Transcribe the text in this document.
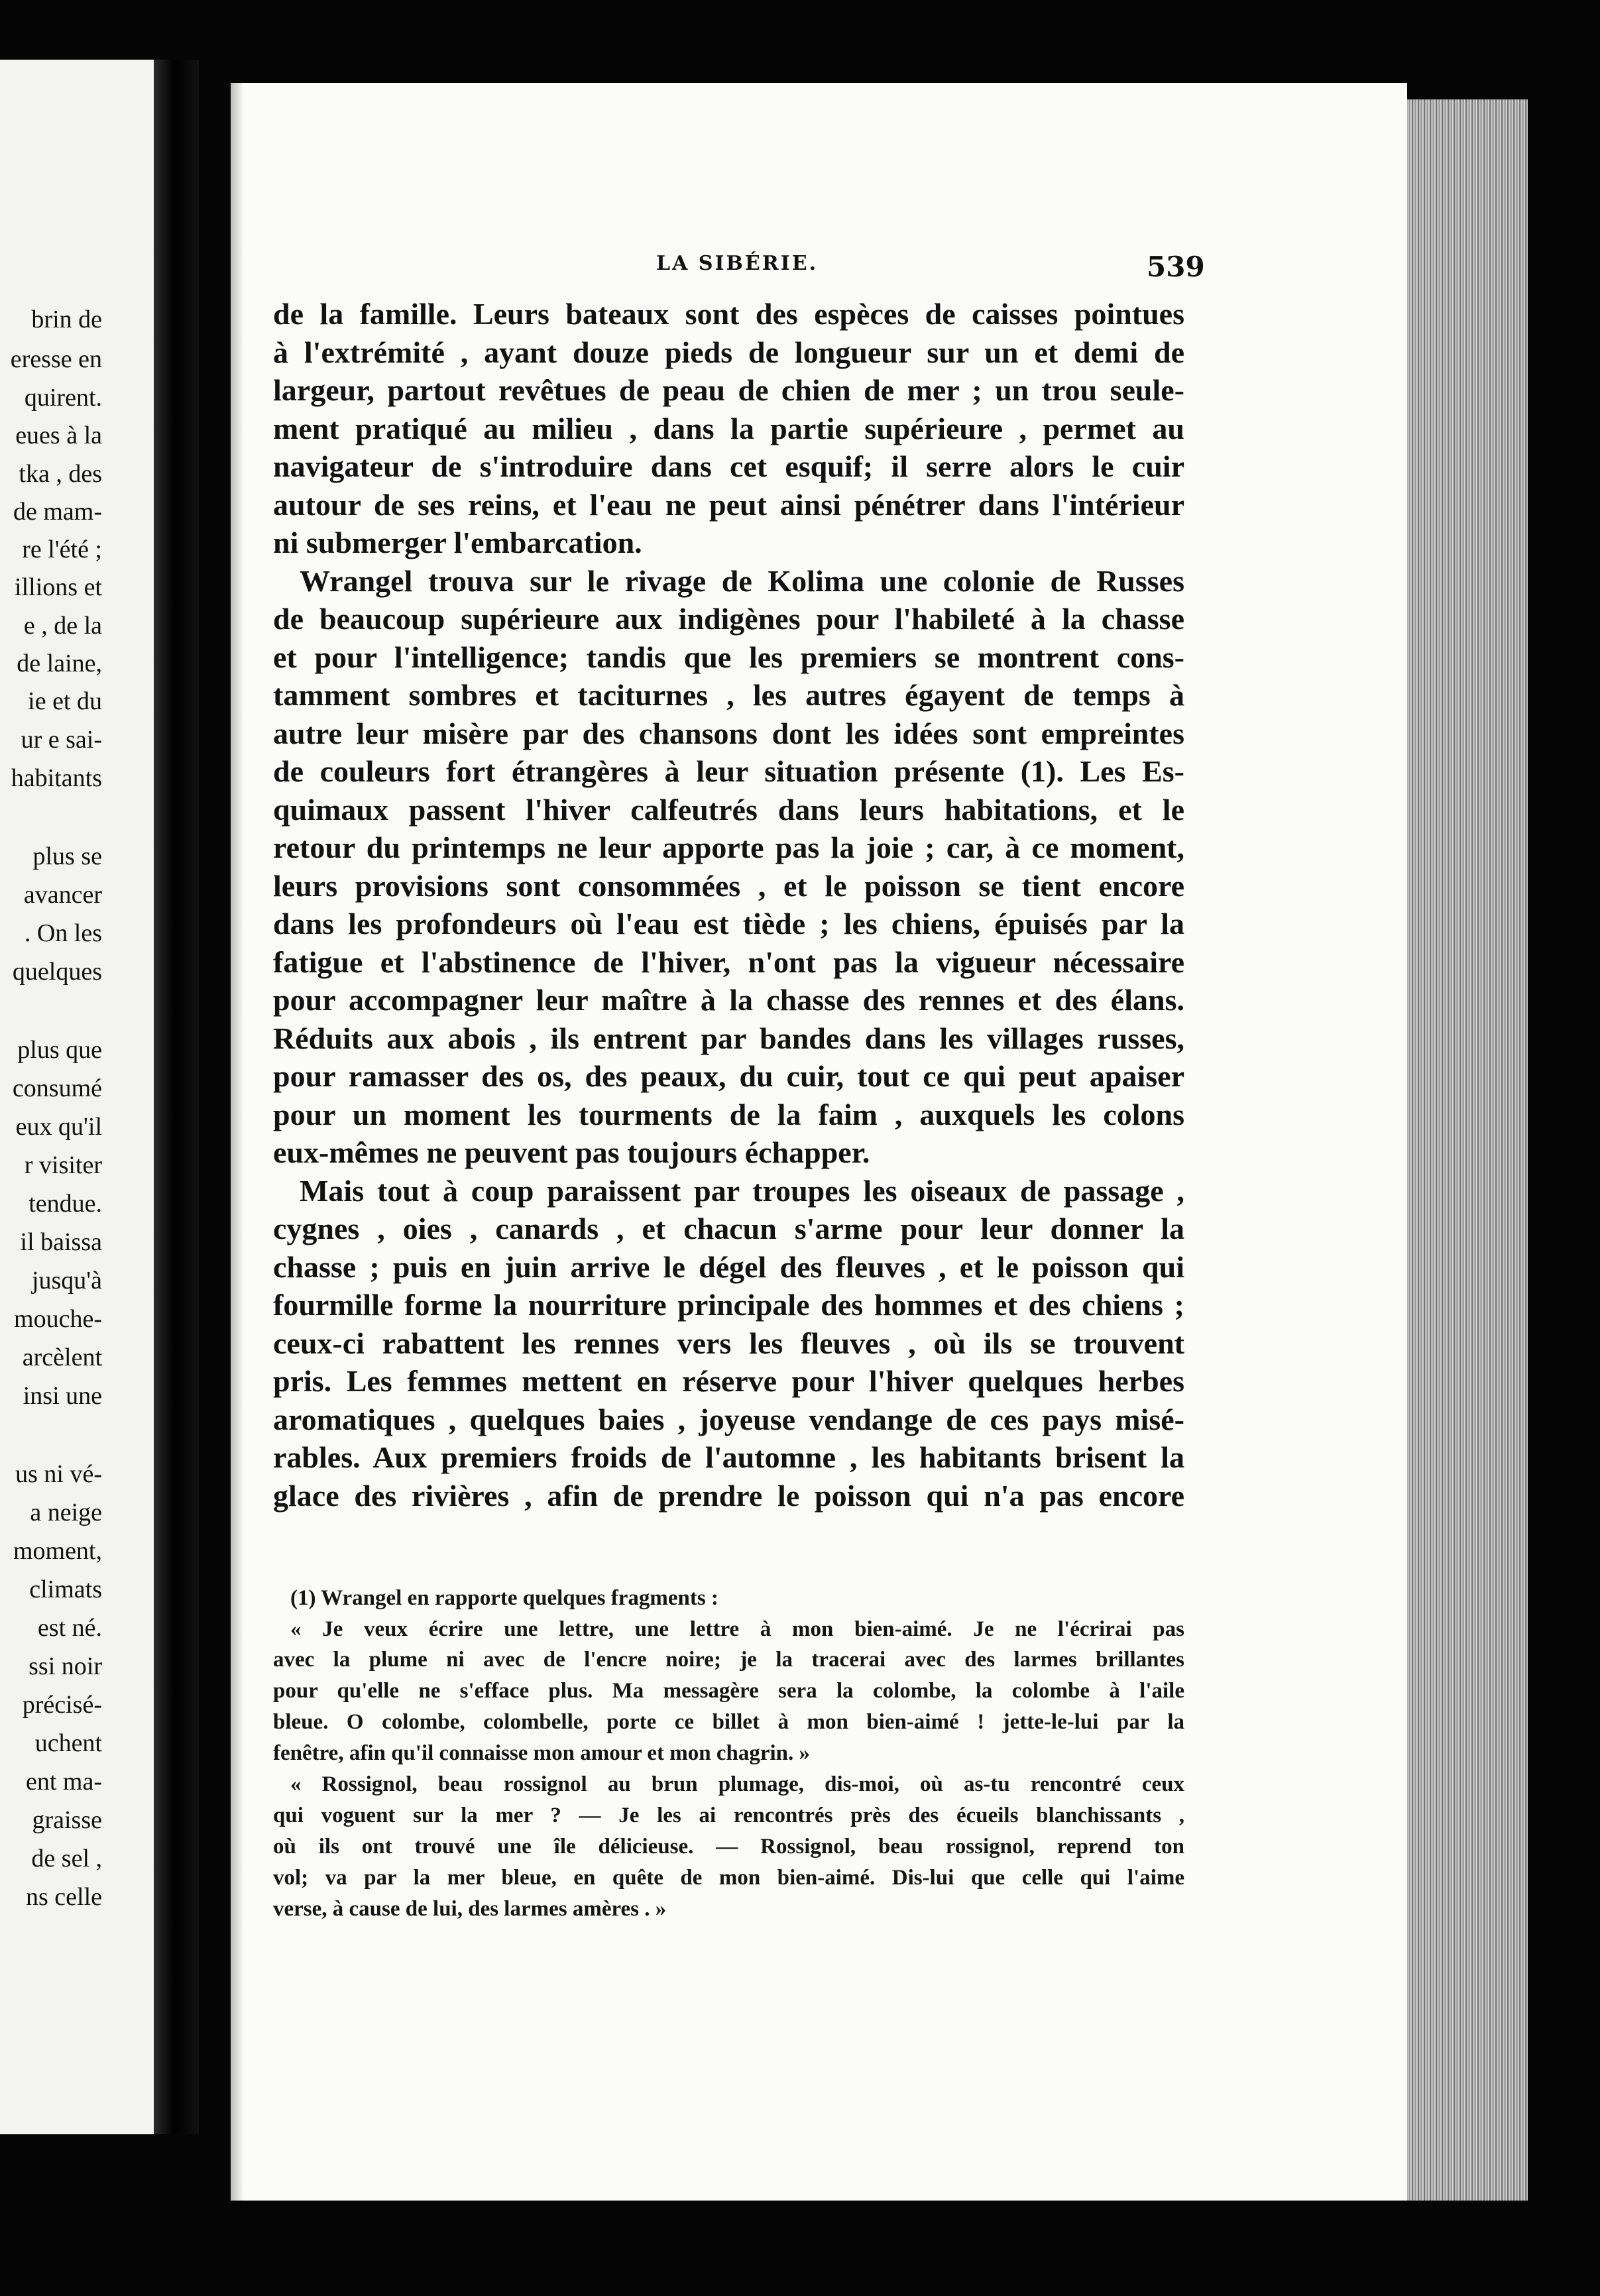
brin de
eresse en
quirent.
eues à la
tka , des
de mam-
re l'été ;
illions et
e , de la
de laine,
ie et du
ur e sai-
habitants
plus se
avancer
. On les
quelques
plus que
consumé
eux qu'il
r visiter
tendue.
il baissa
jusqu'à
mouche-
arcèlent
insi une
us ni vé-
a neige
moment,
climats
est né.
ssi noir
précisé-
uchent
ent ma-
graisse
de sel ,
ns celle
LA SIBÉRIE.	539
de la famille. Leurs bateaux sont des espèces de caisses pointues
à l'extrémité , ayant douze pieds de longueur sur un et demi de
largeur, partout revêtues de peau de chien de mer ; un trou seule-
ment pratiqué au milieu , dans la partie supérieure , permet au
navigateur de s'introduire dans cet esquif; il serre alors le cuir
autour de ses reins, et l'eau ne peut ainsi pénétrer dans l'intérieur
ni submerger l'embarcation.
Wrangel trouva sur le rivage de Kolima une colonie de Russes
de beaucoup supérieure aux indigènes pour l'habileté à la chasse
et pour l'intelligence; tandis que les premiers se montrent cons-
tamment sombres et taciturnes , les autres égayent de temps à
autre leur misère par des chansons dont les idées sont empreintes
de couleurs fort étrangères à leur situation présente (1). Les Es-
quimaux passent l'hiver calfeutrés dans leurs habitations, et le
retour du printemps ne leur apporte pas la joie ; car, à ce moment,
leurs provisions sont consommées , et le poisson se tient encore
dans les profondeurs où l'eau est tiède ; les chiens, épuisés par la
fatigue et l'abstinence de l'hiver, n'ont pas la vigueur nécessaire
pour accompagner leur maître à la chasse des rennes et des élans.
Réduits aux abois , ils entrent par bandes dans les villages russes,
pour ramasser des os, des peaux, du cuir, tout ce qui peut apaiser
pour un moment les tourments de la faim , auxquels les colons
eux-mêmes ne peuvent pas toujours échapper.
Mais tout à coup paraissent par troupes les oiseaux de passage ,
cygnes , oies , canards , et chacun s'arme pour leur donner la
chasse ; puis en juin arrive le dégel des fleuves , et le poisson qui
fourmille forme la nourriture principale des hommes et des chiens ;
ceux-ci rabattent les rennes vers les fleuves , où ils se trouvent
pris. Les femmes mettent en réserve pour l'hiver quelques herbes
aromatiques , quelques baies , joyeuse vendange de ces pays misé-
rables. Aux premiers froids de l'automne , les habitants brisent la
glace des rivières , afin de prendre le poisson qui n'a pas encore
(1) Wrangel en rapporte quelques fragments :
« Je veux écrire une lettre, une lettre à mon bien-aimé. Je ne l'écrirai pas
avec la plume ni avec de l'encre noire; je la tracerai avec des larmes brillantes
pour qu'elle ne s'efface plus. Ma messagère sera la colombe, la colombe à l'aile
bleue. O colombe, colombelle, porte ce billet à mon bien-aimé ! jette-le-lui par la
fenêtre, afin qu'il connaisse mon amour et mon chagrin. »
« Rossignol, beau rossignol au brun plumage, dis-moi, où as-tu rencontré ceux
qui voguent sur la mer ? — Je les ai rencontrés près des écueils blanchissants ,
où ils ont trouvé une île délicieuse. — Rossignol, beau rossignol, reprend ton
vol; va par la mer bleue, en quête de mon bien-aimé. Dis-lui que celle qui l'aime
verse, à cause de lui, des larmes amères . »
